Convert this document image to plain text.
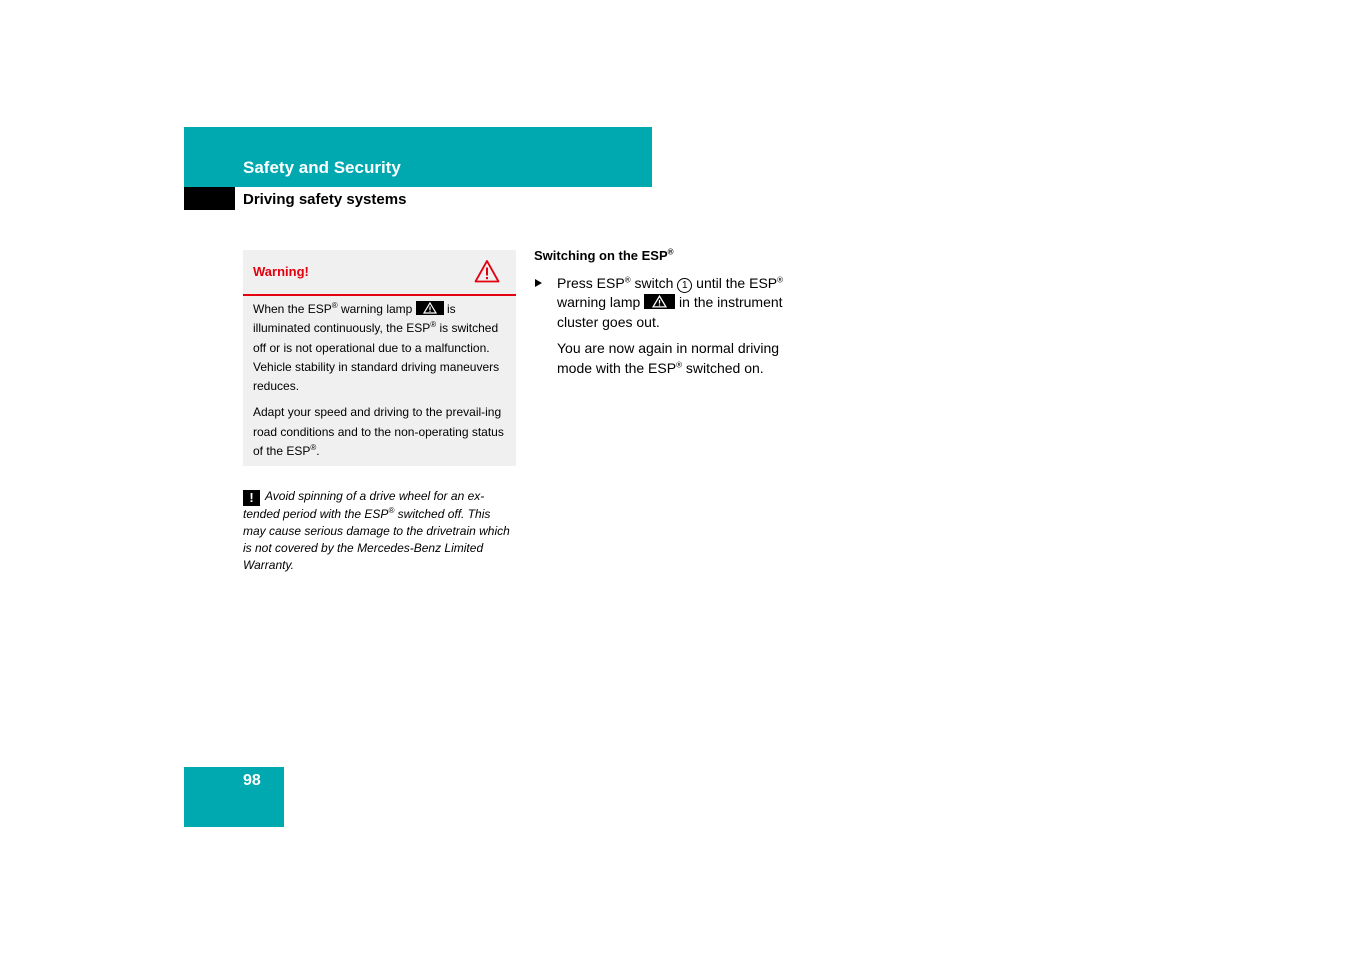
Safety and Security
Driving safety systems
Warning!

When the ESP® warning lamp
is illuminated continuously, the ESP® is switched off or is not operational due to a malfunction. Vehicle stability in standard driving maneuvers reduces.

Adapt your speed and driving to the prevail-ing road conditions and to the non-operating status of the ESP®.

! Avoid spinning of a drive wheel for an ex-tended period with the ESP® switched off. This may cause serious damage to the drivetrain which is not covered by the Mercedes-Benz Limited Warranty.
Switching on the ESP®

Press ESP® switch 1 until the ESP® warning lamp
in the instrument cluster goes out.

You are now again in normal driving mode with the ESP® switched on.

98
